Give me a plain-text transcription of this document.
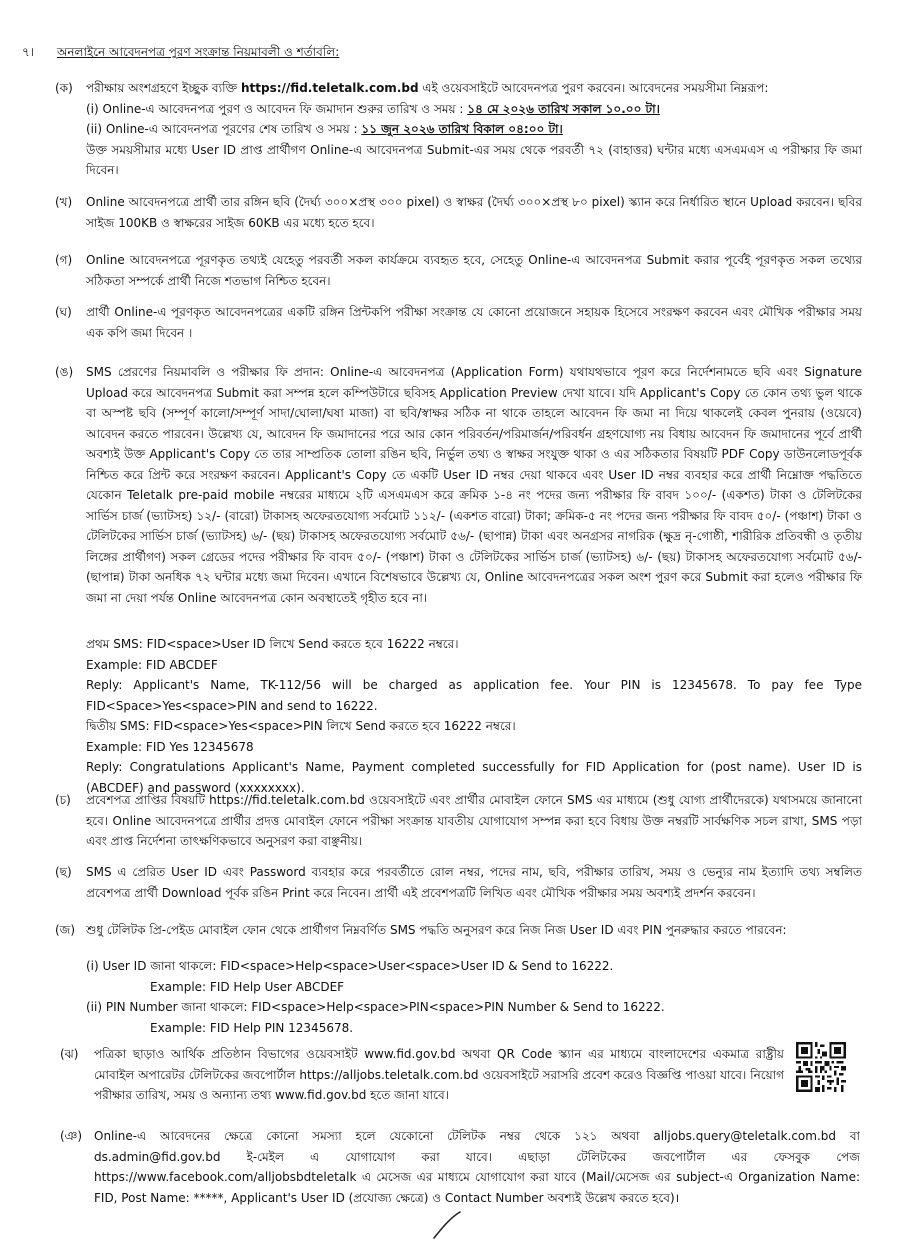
৭। অনলাইনে আবেদনপত্র পুরণ সংক্রান্ত নিয়মাবলী ও শর্তাবলি:
(ক) পরীক্ষায় অংশগ্রহণে ইচ্ছুক ব্যক্তি https://fid.teletalk.com.bd এই ওয়েবসাইটে আবেদনপত্র পুরণ করবেন। আবেদনের সময়সীমা নিম্নরূপ:
(i) Online-এ আবেদনপত্র পুরণ ও আবেদন ফি জমাদান শুরুর তারিখ ও সময় : ১৪ মে ২০২৬ তারিখ সকাল ১০.০০ টা।
(ii) Online-এ আবেদনপত্র পূরণের শেষ তারিখ ও সময় : ১১ জুন ২০২৬ তারিখ বিকাল ০৪:০০ টা।
উক্ত সময়সীমার মধ্যে User ID প্রাপ্ত প্রার্থীগণ Online-এ আবেদনপত্র Submit-এর সময় থেকে পরবর্তী ৭২ (বাহাত্তর) ঘন্টার মধ্যে এসএমএস এ পরীক্ষার ফি জমা দিবেন।
(খ) Online আবেদনপত্রে প্রার্থী তার রঙ্গিন ছবি (দৈর্ঘ্য ৩০০×প্রস্থ ৩০০ pixel) ও স্বাক্ষর (দৈর্ঘ্য ৩০০×প্রস্থ ৮০ pixel) স্ক্যান করে নির্ধারিত স্থানে Upload করবেন। ছবির সাইজ 100KB ও স্বাক্ষরের সাইজ 60KB এর মধ্যে হতে হবে।
(গ) Online আবেদনপত্রে পূরণকৃত তথ্যই যেহেতু পরবর্তী সকল কার্যক্রমে ব্যবহৃত হবে, সেহেতু Online-এ আবেদনপত্র Submit করার পূর্বেই পূরণকৃত সকল তথ্যের সঠিকতা সম্পর্কে প্রার্থী নিজে শতভাগ নিশ্চিত হবেন।
(ঘ) প্রার্থী Online-এ পূরণকৃত আবেদনপত্রের একটি রঙ্গিন প্রিন্টকপি পরীক্ষা সংক্রান্ত যে কোনো প্রয়োজনে সহায়ক হিসেবে সংরক্ষণ করবেন এবং মৌখিক পরীক্ষার সময় এক কপি জমা দিবেন ।
(ঙ) SMS প্রেরণের নিয়মাবলি ও পরীক্ষার ফি প্রদান: Online-এ আবেদনপত্র (Application Form) যথাযথভাবে পূরণ করে নির্দেশনামতে ছবি এবং Signature Upload করে আবেদনপত্র Submit করা সম্পন্ন হলে কম্পিউটারে ছবিসহ Application Preview দেখা যাবে। যদি Applicant's Copy তে কোন তথ্য ভুল থাকে বা অস্পষ্ট ছবি (সম্পূর্ণ কালো/সম্পূর্ণ সাদা/ঘোলা/ঘষা মাজা) বা ছবি/স্বাক্ষর সঠিক না থাকে তাহলে আবেদন ফি জমা না দিয়ে থাকলেই কেবল পুনরায় (ওয়েবে) আবেদন করতে পারবেন। উল্লেখ্য যে, আবেদন ফি জমাদানের পরে আর কোন পরিবর্তন/পরিমার্জন/পরিবর্ধন গ্রহণযোগ্য নয় বিধায় আবেদন ফি জমাদানের পূর্বে প্রার্থী অবশ্যই উক্ত Applicant's Copy তে তার সাম্প্রতিক তোলা রঙিন ছবি, নির্ভুল তথ্য ও স্বাক্ষর সংযুক্ত থাকা ও এর সঠিকতার বিষয়টি PDF Copy ডাউনলোডপূর্বক নিশ্চিত করে প্রিন্ট করে সংরক্ষণ করবেন। Applicant's Copy তে একটি User ID নম্বর দেয়া থাকবে এবং User ID নম্বর ব্যবহার করে প্রার্থী নিম্নোক্ত পদ্ধতিতে যেকোন Teletalk pre-paid mobile নম্বরের মাধ্যমে ২টি এসএমএস করে ক্রমিক ১-৪ নং পদের জন্য পরীক্ষার ফি বাবদ ১০০/- (একশত) টাকা ও টেলিটকের সার্ভিস চার্জ (ভ্যাটসহ) ১২/- (বারো) টাকাসহ অফেরতযোগ্য সর্বমোট ১১২/- (একশত বারো) টাকা; ক্রমিক-৫ নং পদের জন্য পরীক্ষার ফি বাবদ ৫০/- (পঞ্চাশ) টাকা ও টেলিটকের সার্ভিস চার্জ (ভ্যাটসহ) ৬/- (ছয়) টাকাসহ অফেরতযোগ্য সর্বমোট ৫৬/- (ছাপান্ন) টাকা এবং অনগ্রসর নাগরিক (ক্ষুদ্র নৃ-গোষ্ঠী, শারীরিক প্রতিবন্ধী ও তৃতীয় লিঙ্গের প্রার্থীগণ) সকল গ্রেডের পদের পরীক্ষার ফি বাবদ ৫০/- (পঞ্চাশ) টাকা ও টেলিটকের সার্ভিস চার্জ (ভ্যাটসহ) ৬/- (ছয়) টাকাসহ অফেরতযোগ্য সর্বমোট ৫৬/- (ছাপান্ন) টাকা অনধিক ৭২ ঘন্টার মধ্যে জমা দিবেন। এখানে বিশেষভাবে উল্লেখ্য যে, Online আবেদনপত্রের সকল অংশ পুরণ করে Submit করা হলেও পরীক্ষার ফি জমা না দেয়া পর্যন্ত Online আবেদনপত্র কোন অবস্থাতেই গৃহীত হবে না।
প্রথম SMS: FID<space>User ID লিখে Send করতে হবে 16222 নম্বরে।
Example: FID ABCDEF
Reply: Applicant's Name, TK-112/56 will be charged as application fee. Your PIN is 12345678. To pay fee Type FID<Space>Yes<space>PIN and send to 16222.
দ্বিতীয় SMS: FID<space>Yes<space>PIN লিখে Send করতে হবে 16222 নম্বরে।
Example: FID Yes 12345678
Reply: Congratulations Applicant's Name, Payment completed successfully for FID Application for (post name). User ID is (ABCDEF) and password (xxxxxxxx).
(চ) প্রবেশপত্র প্রাপ্তির বিষয়টি https://fid.teletalk.com.bd ওয়েবসাইটে এবং প্রার্থীর মোবাইল ফোনে SMS এর মাধ্যমে (শুধু যোগ্য প্রার্থীদেরকে) যথাসময়ে জানানো হবে। Online আবেদনপত্রে প্রার্থীর প্রদত্ত মোবাইল ফোনে পরীক্ষা সংক্রান্ত যাবতীয় যোগাযোগ সম্পন্ন করা হবে বিধায় উক্ত নম্বরটি সার্বক্ষণিক সচল রাখা, SMS পড়া এবং প্রাপ্ত নির্দেশনা তাৎক্ষণিকভাবে অনুসরণ করা বাঞ্ছনীয়।
(ছ) SMS এ প্রেরিত User ID এবং Password ব্যবহার করে পরবর্তীতে রোল নম্বর, পদের নাম, ছবি, পরীক্ষার তারিখ, সময় ও ভেন্যুর নাম ইত্যাদি তথ্য সম্বলিত প্রবেশপত্র প্রার্থী Download পূর্বক রঙিন Print করে নিবেন। প্রার্থী এই প্রবেশপত্রটি লিখিত এবং মৌখিক পরীক্ষার সময় অবশ্যই প্রদর্শন করবেন।
(জ) শুধু টেলিটক প্রি-পেইড মোবাইল ফোন থেকে প্রার্থীগণ নিম্নবর্ণিত SMS পদ্ধতি অনুসরণ করে নিজ নিজ User ID এবং PIN পুনরুদ্ধার করতে পারবেন:
(i) User ID জানা থাকলে: FID<space>Help<space>User<space>User ID & Send to 16222.
Example: FID Help User ABCDEF
(ii) PIN Number জানা থাকলে: FID<space>Help<space>PIN<space>PIN Number & Send to 16222.
Example: FID Help PIN 12345678.
(ঝ) পত্রিকা ছাড়াও আর্থিক প্রতিষ্ঠান বিভাগের ওয়েবসাইট www.fid.gov.bd অথবা QR Code স্ক্যান এর মাধ্যমে বাংলাদেশের একমাত্র রাষ্ট্রীয় মোবাইল অপারেটর টেলিটকের জবপোর্টাল https://alljobs.teletalk.com.bd ওয়েবসাইটে সরাসরি প্রবেশ করেও বিজ্ঞপ্তি পাওয়া যাবে। নিয়োগ পরীক্ষার তারিখ, সময় ও অন্যান্য তথ্য www.fid.gov.bd হতে জানা যাবে।
(ঞ) Online-এ আবেদনের ক্ষেত্রে কোনো সমস্যা হলে যেকোনো টেলিটক নম্বর থেকে ১২১ অথবা alljobs.query@teletalk.com.bd বা ds.admin@fid.gov.bd ই-মেইল এ যোগাযোগ করা যাবে। এছাড়া টেলিটকের জবপোর্টাল এর ফেসবুক পেজ https://www.facebook.com/alljobsbdteletalk এ মেসেজ এর মাধ্যমে যোগাযোগ করা যাবে (Mail/মেসেজ এর subject-এ Organization Name: FID, Post Name: *****, Applicant's User ID (প্রযোজ্য ক্ষেত্রে) ও Contact Number অবশ্যই উল্লেখ করতে হবে)।
